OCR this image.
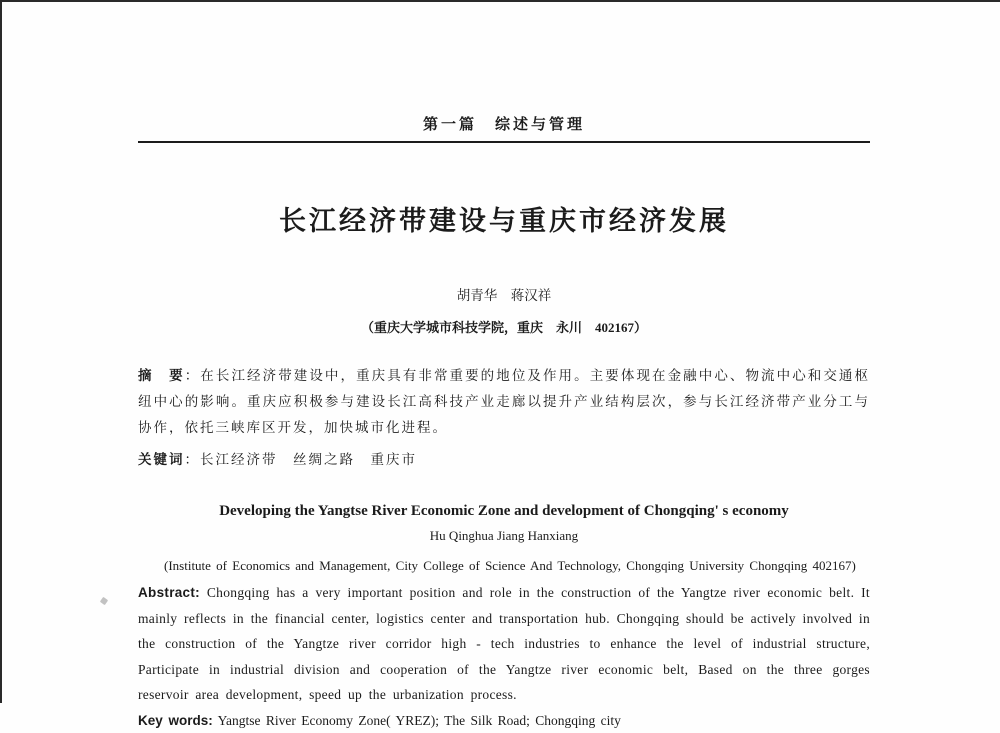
第一篇　综述与管理
长江经济带建设与重庆市经济发展
胡青华　蒋汉祥
（重庆大学城市科技学院，重庆　永川　402167）

摘　要：在长江经济带建设中，重庆具有非常重要的地位及作用。主要体现在金融中心、物流中心和交通枢纽中心的影响。重庆应积极参与建设长江高科技产业走廊以提升产业结构层次，参与长江经济带产业分工与协作，依托三峡库区开发，加快城市化进程。

关键词：长江经济带　丝绸之路　重庆市

Developing the Yangtse River Economic Zone and development of Chongqing' s economy
Hu Qinghua Jiang Hanxiang

(Institute of Economics and Management, City College of Science And Technology, Chongqing University Chongqing 402167)

Abstract: Chongqing has a very important position and role in the construction of the Yangtze river economic belt. It mainly reflects in the financial center, logistics center and transportation hub. Chongqing should be actively involved in the construction of the Yangtze river corridor high - tech industries to enhance the level of industrial structure, Participate in industrial division and cooperation of the Yangtze river economic belt, Based on the three gorges reservoir area development, speed up the urbanization process.

Key words: Yangtse River Economy Zone( YREZ); The Silk Road; Chongqing city
